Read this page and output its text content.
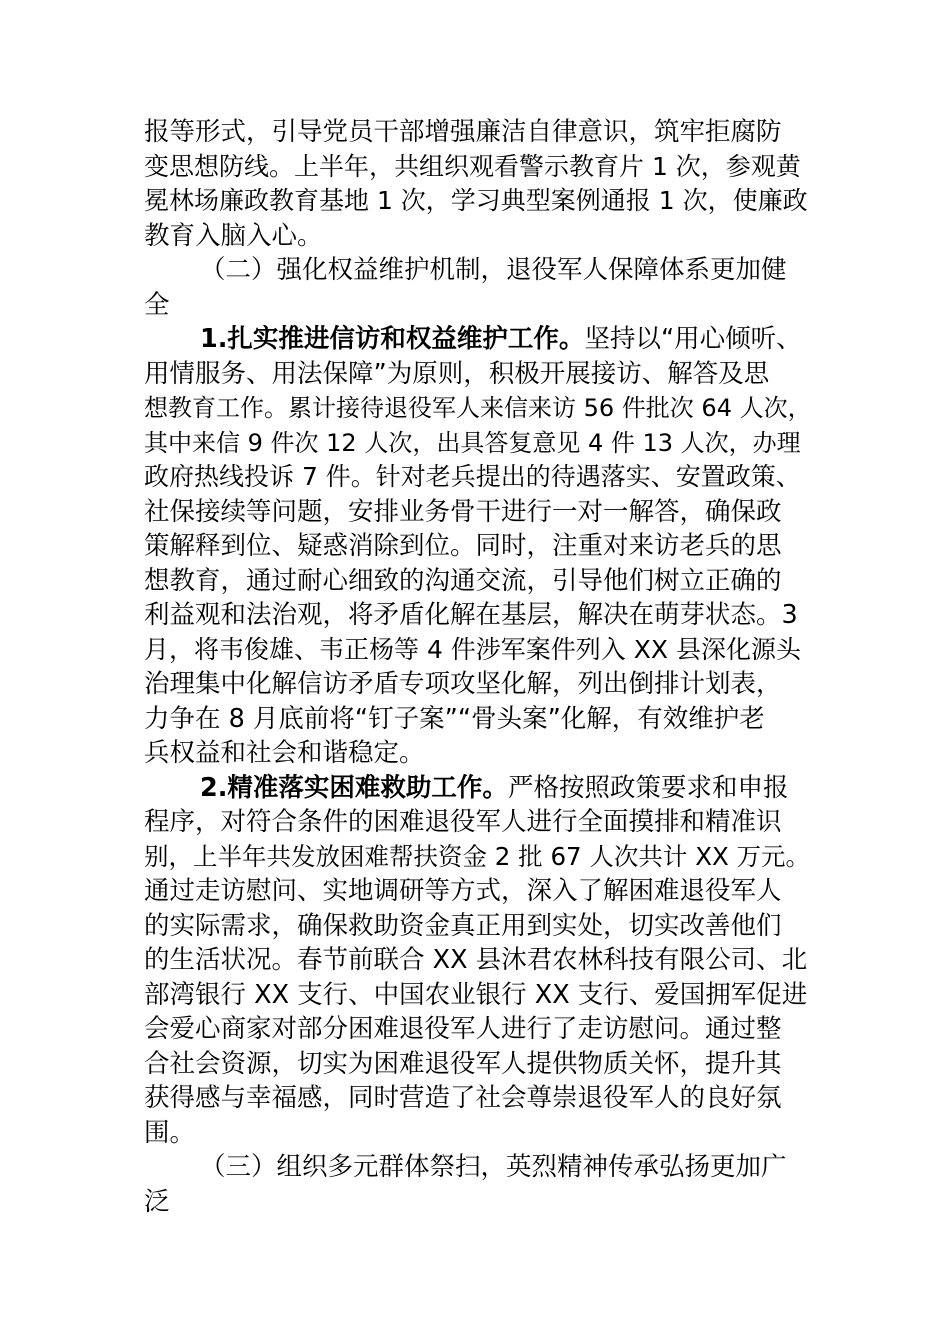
报等形式，引导党员干部增强廉洁自律意识，筑牢拒腐防
变思想防线。上半年，共组织观看警示教育片 1 次，参观黄
冕林场廉政教育基地 1 次，学习典型案例通报 1 次，使廉政
教育入脑入心。
（二）强化权益维护机制，退役军人保障体系更加健
全
1.扎实推进信访和权益维护工作。坚持以“用心倾听、
用情服务、用法保障”为原则，积极开展接访、解答及思
想教育工作。累计接待退役军人来信来访 56 件批次 64 人次，
其中来信 9 件次 12 人次，出具答复意见 4 件 13 人次，办理
政府热线投诉 7 件。针对老兵提出的待遇落实、安置政策、
社保接续等问题，安排业务骨干进行一对一解答，确保政
策解释到位、疑惑消除到位。同时，注重对来访老兵的思
想教育，通过耐心细致的沟通交流，引导他们树立正确的
利益观和法治观，将矛盾化解在基层，解决在萌芽状态。3
月，将韦俊雄、韦正杨等 4 件涉军案件列入 XX 县深化源头
治理集中化解信访矛盾专项攻坚化解，列出倒排计划表，
力争在 8 月底前将“钉子案”“骨头案”化解，有效维护老
兵权益和社会和谐稳定。
2.精准落实困难救助工作。严格按照政策要求和申报
程序，对符合条件的困难退役军人进行全面摸排和精准识
别，上半年共发放困难帮扶资金 2 批 67 人次共计 XX 万元。
通过走访慰问、实地调研等方式，深入了解困难退役军人
的实际需求，确保救助资金真正用到实处，切实改善他们
的生活状况。春节前联合 XX 县沐君农林科技有限公司、北
部湾银行 XX 支行、中国农业银行 XX 支行、爱国拥军促进
会爱心商家对部分困难退役军人进行了走访慰问。通过整
合社会资源，切实为困难退役军人提供物质关怀，提升其
获得感与幸福感，同时营造了社会尊崇退役军人的良好氛
围。
（三）组织多元群体祭扫，英烈精神传承弘扬更加广
泛
